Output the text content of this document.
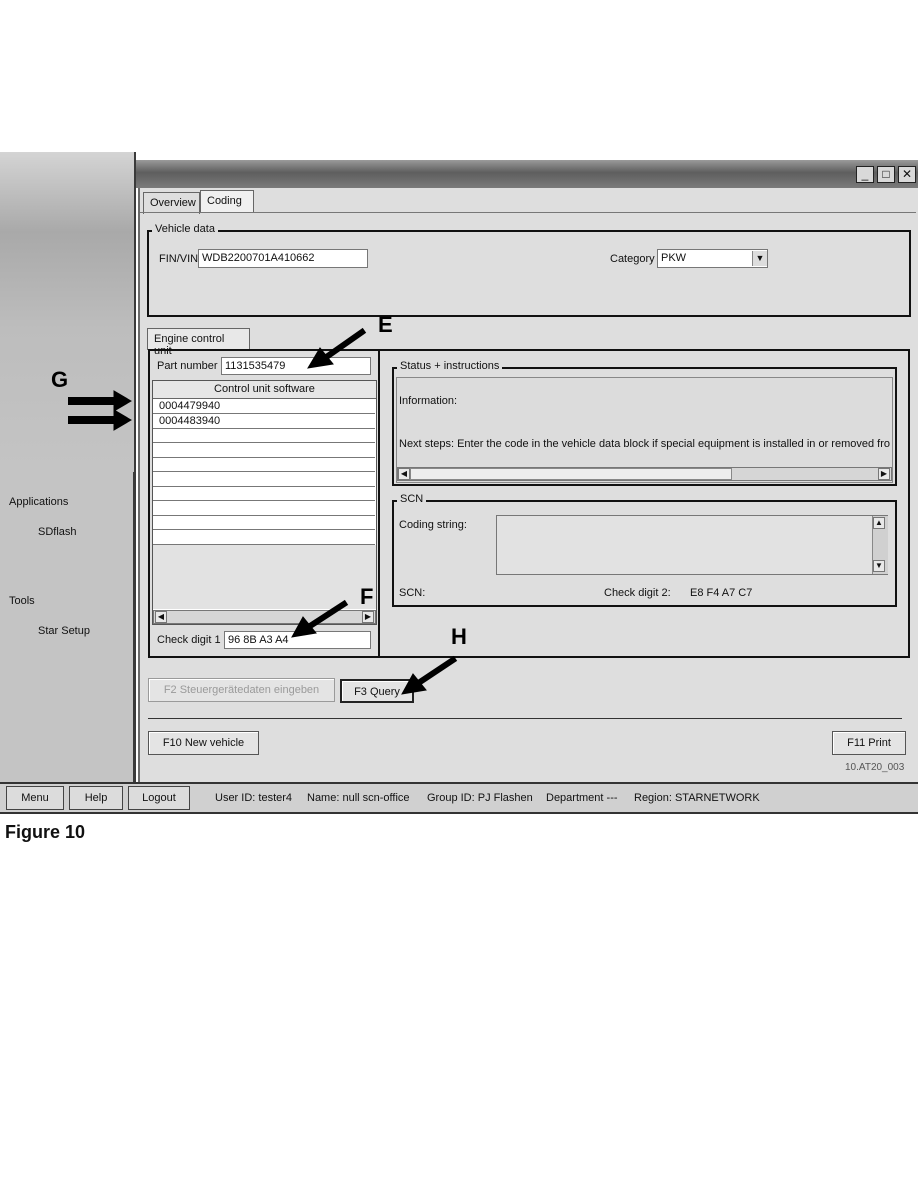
Applications
SDflash
Tools
Star Setup
_	□	✕
Overview	Coding
Vehicle data
FIN/VIN WDB2200701A410662	Category PKW	▼
Engine control unit
Part number 1131535479
Control unit software
0004479940
0004483940
◀	▶
Check digit 1 96 8B A3 A4
Status + instructions
Information:
Next steps: Enter the code in the vehicle data block if special equipment is installed in or removed fro
◀	▶
SCN
Coding string:	▲
▼
SCN:	Check digit 2: E8 F4 A7 C7
F2 Steuergerätedaten eingeben	F3 Query
F10 New vehicle	F11 Print
10.AT20_003
Menu	Help	Logout	User ID: tester4 Name: null scn-office Group ID: PJ Flashen Department --- Region: STARNETWORK
E
F
G
H
Figure 10
